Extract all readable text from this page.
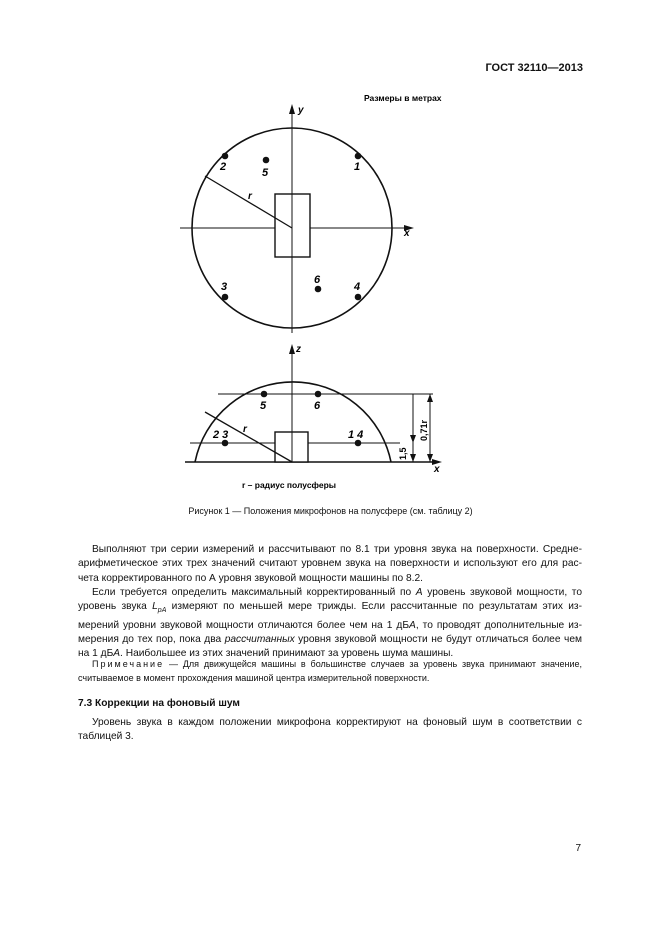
ГОСТ 32110—2013
Размеры в метрах
y
x
r
2	5	1
3
6
4
x
z
r
5	6
2 3	1 4	0,71r
1,5
r – радиус полусферы
Рисунок 1 — Положения микрофонов на полусфере (см. таблицу 2)
Выполняют три серии измерений и рассчитывают по 8.1 три уровня звука на поверхности. Средне-арифметическое этих трех значений считают уровнем звука на поверхности и используют его для рас-чета корректированного по А уровня звуковой мощности машины по 8.2.
Если требуется определить максимальный корректированный по А уровень звуковой мощности, то уровень звука $L_{pA}$ измеряют по меньшей мере трижды. Если рассчитанные по результатам этих из-мерений уровни звуковой мощности отличаются более чем на 1 дБА, то проводят дополнительные из-мерения до тех пор, пока два рассчитанных уровня звуковой мощности не будут отличаться более чем на 1 дБА. Наибольшее из этих значений принимают за уровень шума машины.
Примечание — Для движущейся машины в большинстве случаев за уровень звука принимают значение, считываемое в момент прохождения машиной центра измерительной поверхности.
7.3 Коррекции на фоновый шум
Уровень звука в каждом положении микрофона корректируют на фоновый шум в соответствии с таблицей 3.
7
